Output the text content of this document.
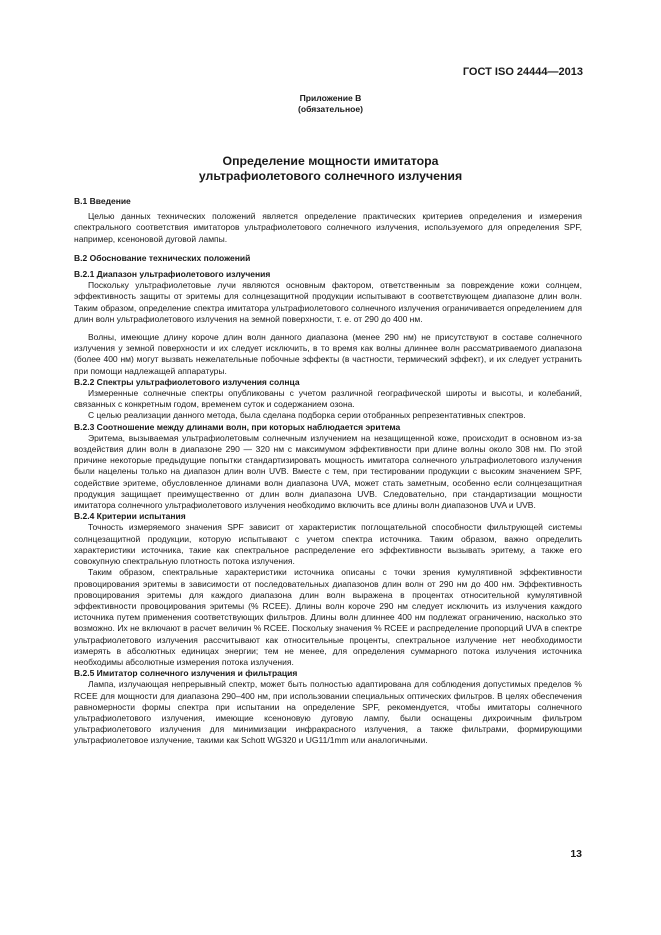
ГОСТ ISO 24444—2013
Приложение В
(обязательное)
Определение мощности имитатора
ультрафиолетового солнечного излучения
В.1 Введение

Целью данных технических положений является определение практических критериев определения и измерения спектрального соответствия имитаторов ультрафиолетового солнечного излучения, используемого для определения SPF, например, ксеноновой дуговой лампы.

В.2 Обоснование технических положений
В.2.1 Диапазон ультрафиолетового излучения

Поскольку ультрафиолетовые лучи являются основным фактором, ответственным за повреждение кожи солнцем, эффективность защиты от эритемы для солнцезащитной продукции испытывают в соответствующем диапазоне длин волн. Таким образом, определение спектра имитатора ультрафиолетового солнечного излучения ограничивается определением для длин волн ультрафиолетового излучения на земной поверхности, т. е. от 290 до 400 нм.

Волны, имеющие длину короче длин волн данного диапазона (менее 290 нм) не присутствуют в составе солнечного излучения у земной поверхности и их следует исключить, в то время как волны длиннее волн рассматриваемого диапазона (более 400 нм) могут вызвать нежелательные побочные эффекты (в частности, термический эффект), и их следует устранить при помощи надлежащей аппаратуры.

В.2.2 Спектры ультрафиолетового излучения солнца

Измеренные солнечные спектры опубликованы с учетом различной географической широты и высоты, и колебаний, связанных с конкретным годом, временем суток и содержанием озона.

С целью реализации данного метода, была сделана подборка серии отобранных репрезентативных спектров.

В.2.3 Соотношение между длинами волн, при которых наблюдается эритема

Эритема, вызываемая ультрафиолетовым солнечным излучением на незащищенной коже, происходит в основном из-за воздействия длин волн в диапазоне 290 — 320 нм с максимумом эффективности при длине волны около 308 нм. По этой причине некоторые предыдущие попытки стандартизировать мощность имитатора солнечного ультрафиолетового излучения были нацелены только на диапазон длин волн UVB. Вместе с тем, при тестировании продукции с высоким значением SPF, содействие эритеме, обусловленное длинами волн диапазона UVA, может стать заметным, особенно если солнцезащитная продукция защищает преимущественно от длин волн диапазона UVB. Следовательно, при стандартизации мощности имитатора солнечного ультрафиолетового излучения необходимо включить все длины волн диапазонов UVA и UVB.

В.2.4 Критерии испытания

Точность измеряемого значения SPF зависит от характеристик поглощательной способности фильтрующей системы солнцезащитной продукции, которую испытывают с учетом спектра источника. Таким образом, важно определить характеристики источника, такие как спектральное распределение его эффективности вызывать эритему, а также его совокупную спектральную плотность потока излучения.

Таким образом, спектральные характеристики источника описаны с точки зрения кумулятивной эффективности провоцирования эритемы в зависимости от последовательных диапазонов длин волн от 290 нм до 400 нм. Эффективность провоцирования эритемы для каждого диапазона длин волн выражена в процентах относительной кумулятивной эффективности провоцирования эритемы (% RCEE). Длины волн короче 290 нм следует исключить из излучения каждого источника путем применения соответствующих фильтров. Длины волн длиннее 400 нм подлежат ограничению, насколько это возможно. Их не включают в расчет величин % RCEE. Поскольку значения % RCEE и распределение пропорций UVA в спектре ультрафиолетового излучения рассчитывают как относительные проценты, спектральное излучение нет необходимости измерять в абсолютных единицах энергии; тем не менее, для определения суммарного потока излучения источника необходимы абсолютные измерения потока излучения.

В.2.5 Имитатор солнечного излучения и фильтрация

Лампа, излучающая непрерывный спектр, может быть полностью адаптирована для соблюдения допустимых пределов % RCEE для мощности для диапазона 290–400 нм, при использовании специальных оптических фильтров. В целях обеспечения равномерности формы спектра при испытании на определение SPF, рекомендуется, чтобы имитаторы солнечного ультрафиолетового излучения, имеющие ксеноновую дуговую лампу, были оснащены дихроичным фильтром ультрафиолетового излучения для минимизации инфракрасного излучения, а также фильтрами, формирующими ультрафиолетовое излучение, такими как Schott WG320 и UG11/1mm или аналогичными.

13
